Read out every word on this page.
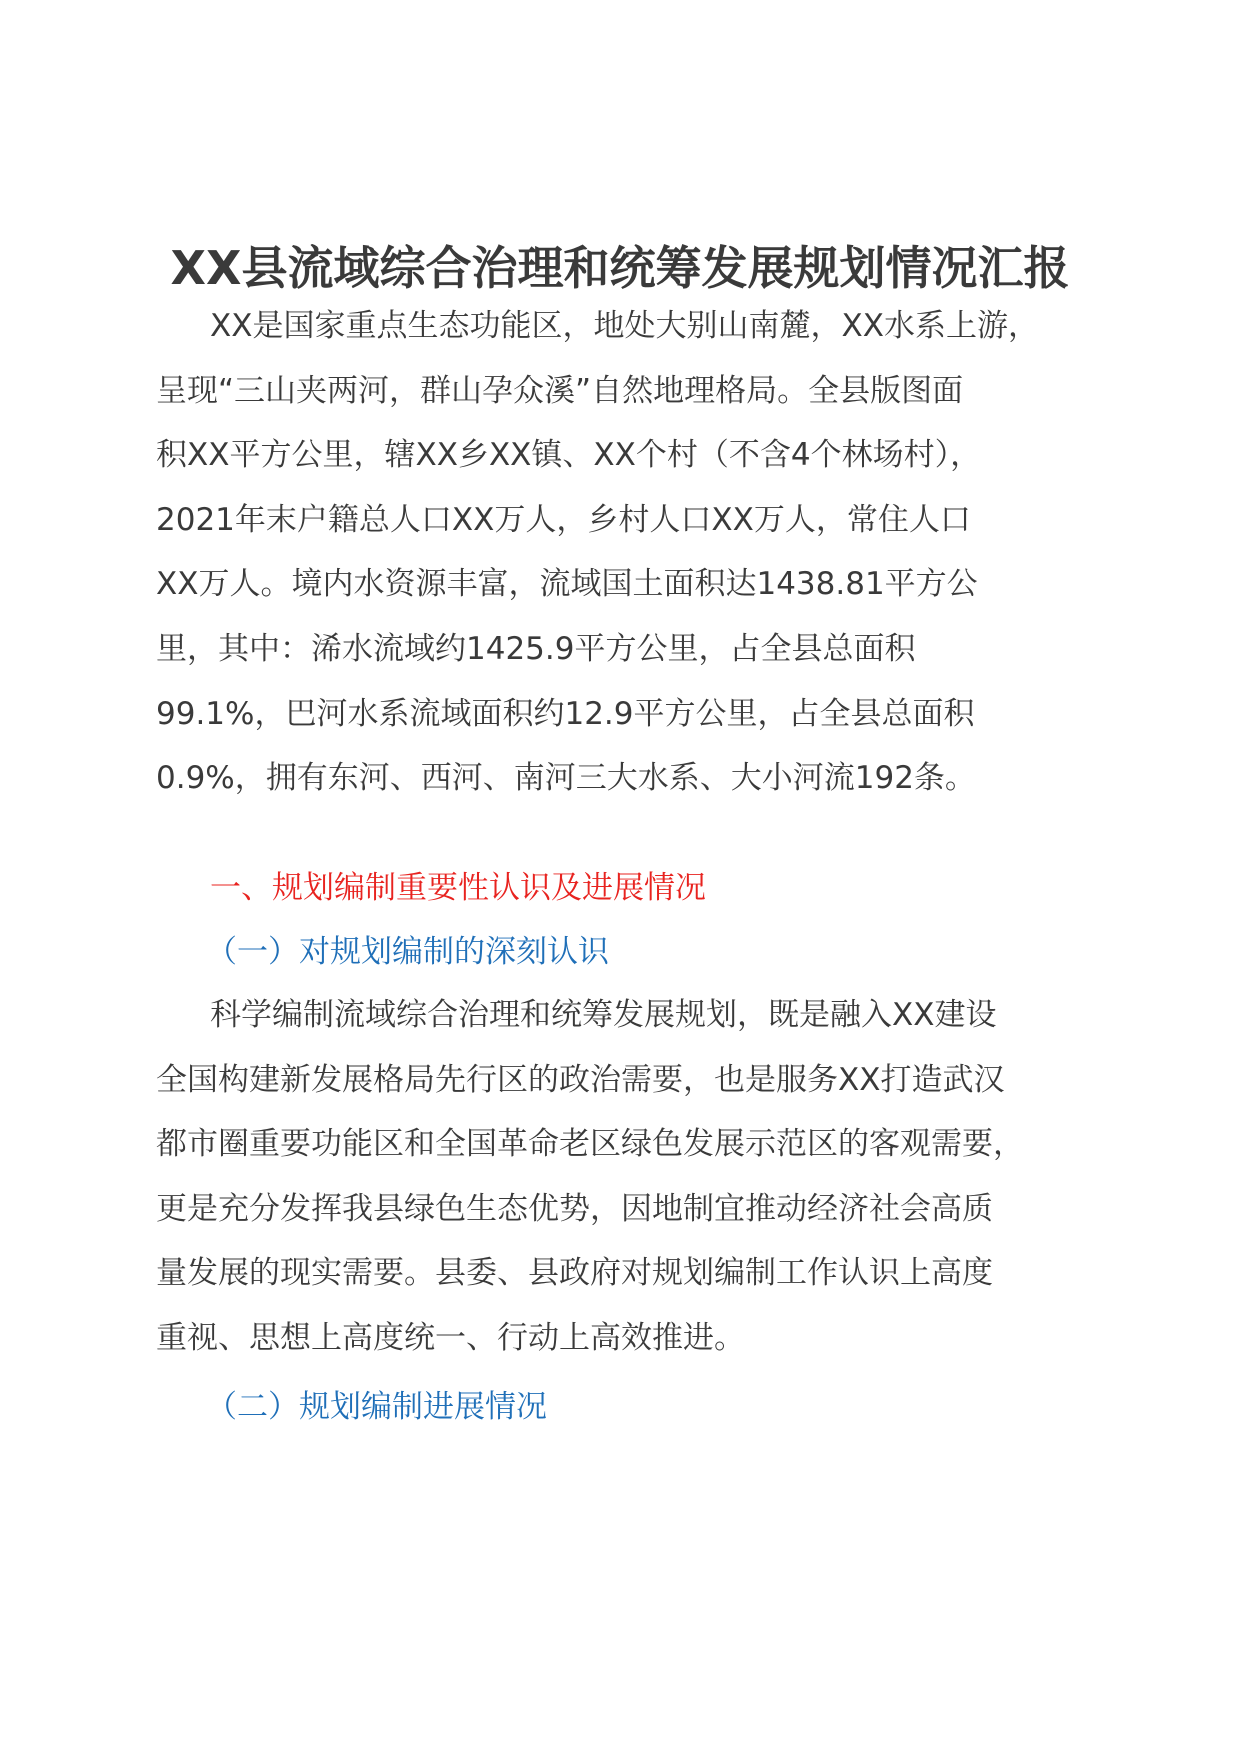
XX县流域综合治理和统筹发展规划情况汇报
XX是国家重点生态功能区，地处大别山南麓，XX水系上游，
呈现“三山夹两河，群山孕众溪”自然地理格局。全县版图面
积XX平方公里，辖XX乡XX镇、XX个村（不含4个林场村），
2021年末户籍总人口XX万人，乡村人口XX万人，常住人口
XX万人。境内水资源丰富，流域国土面积达1438.81平方公
里，其中：浠水流域约1425.9平方公里，占全县总面积
99.1%，巴河水系流域面积约12.9平方公里，占全县总面积
0.9%，拥有东河、西河、南河三大水系、大小河流192条。
一、规划编制重要性认识及进展情况
（一）对规划编制的深刻认识
科学编制流域综合治理和统筹发展规划，既是融入XX建设
全国构建新发展格局先行区的政治需要，也是服务XX打造武汉
都市圈重要功能区和全国革命老区绿色发展示范区的客观需要，
更是充分发挥我县绿色生态优势，因地制宜推动经济社会高质
量发展的现实需要。县委、县政府对规划编制工作认识上高度
重视、思想上高度统一、行动上高效推进。
（二）规划编制进展情况
